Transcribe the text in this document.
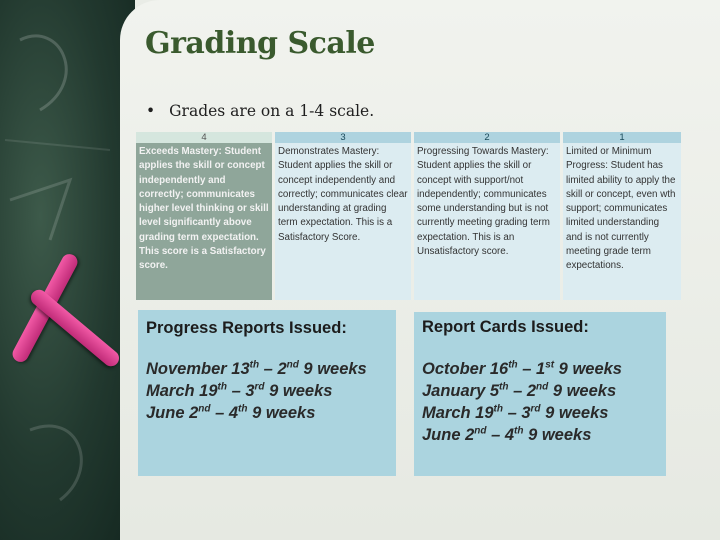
Grading Scale
• Grades are on a 1-4 scale.
4
Exceeds Mastery: Student applies the skill or concept independently and correctly; communicates higher level thinking or skill level significantly above grading term expectation. This score is a Satisfactory score.
3
Demonstrates Mastery: Student applies the skill or concept independently and correctly; communicates clear understanding at grading term expectation. This is a Satisfactory Score.
2
Progressing Towards Mastery: Student applies the skill or concept with support/not independently; communicates some understanding but is not currently meeting grading term expectation. This is an Unsatisfactory score.
1
Limited or Minimum Progress: Student has limited ability to apply the skill or concept, even wth support; communicates limited understanding and is not currently meeting grade term expectations.
Progress Reports Issued:
November 13th – 2nd 9 weeks
March 19th – 3rd 9 weeks
June 2nd – 4th 9 weeks
Report Cards Issued:
October 16th – 1st 9 weeks
January 5th – 2nd 9 weeks
March 19th – 3rd 9 weeks
June 2nd – 4th 9 weeks
